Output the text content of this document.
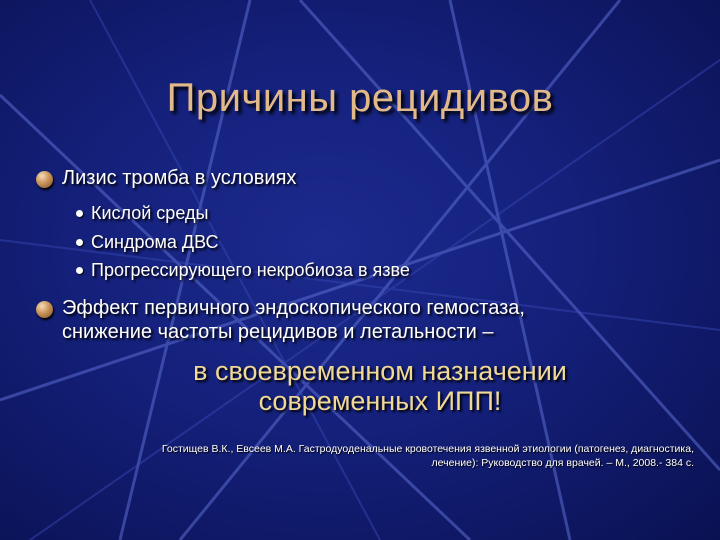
Причины рецидивов
Лизис тромба в условиях
Кислой среды
Синдрома ДВС
Прогрессирующего некробиоза в язве
Эффект первичного эндоскопического гемостаза,
снижение частоты рецидивов и летальности –
в своевременном назначении
современных ИПП!
Гостищев В.К., Евсеев М.А. Гастродуоденальные кровотечения язвенной этиологии (патогенез, диагностика,
лечение): Руководство для врачей. – М., 2008.- 384 с.
